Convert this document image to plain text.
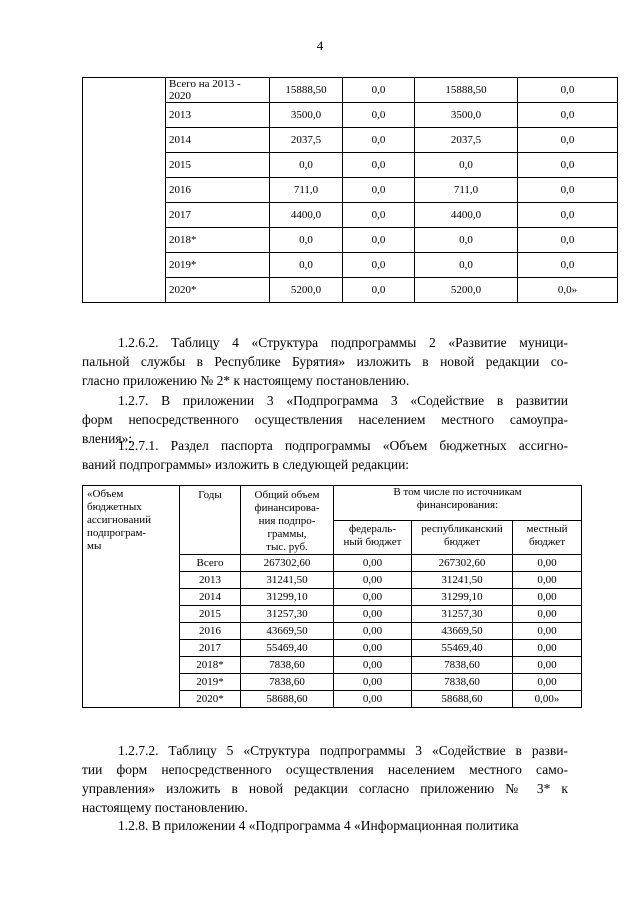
4
	Всего на 2013 -
2020	15888,50	0,0	15888,50	0,0
	2013	3500,0	0,0	3500,0	0,0
	2014	2037,5	0,0	2037,5	0,0
	2015	0,0	0,0	0,0	0,0
	2016	711,0	0,0	711,0	0,0
	2017	4400,0	0,0	4400,0	0,0
	2018*	0,0	0,0	0,0	0,0
	2019*	0,0	0,0	0,0	0,0
	2020*	5200,0	0,0	5200,0	0,0»
1.2.6.2. Таблицу 4 «Структура подпрограммы 2 «Развитие муници-
пальной службы в Республике Бурятия» изложить в новой редакции со-
гласно приложению № 2* к настоящему постановлению.
1.2.7. В приложении 3 «Подпрограмма 3 «Содействие в развитии
форм непосредственного осуществления населением местного самоупра-
вления»:
1.2.7.1. Раздел паспорта подпрограммы «Объем бюджетных ассигно-
ваний подпрограммы» изложить в следующей редакции:
«Объем
бюджетных
ассигнований
подпрограм-
мы	Годы	Общий объем
финансирова-
ния подпро-
граммы,
тыс. руб.	В том числе по источникам
финансирования:		
			федераль-
ный бюджет	республиканский
бюджет	местный
бюджет
	Всего	267302,60	0,00	267302,60	0,00
	2013	31241,50	0,00	31241,50	0,00
	2014	31299,10	0,00	31299,10	0,00
	2015	31257,30	0,00	31257,30	0,00
	2016	43669,50	0,00	43669,50	0,00
	2017	55469,40	0,00	55469,40	0,00
	2018*	7838,60	0,00	7838,60	0,00
	2019*	7838,60	0,00	7838,60	0,00
	2020*	58688,60	0,00	58688,60	0,00»
1.2.7.2. Таблицу 5 «Структура подпрограммы 3 «Содействие в разви-
тии форм непосредственного осуществления населением местного само-
управления» изложить в новой редакции согласно приложению № 3* к
настоящему постановлению.
1.2.8. В приложении 4 «Подпрограмма 4 «Информационная политика
